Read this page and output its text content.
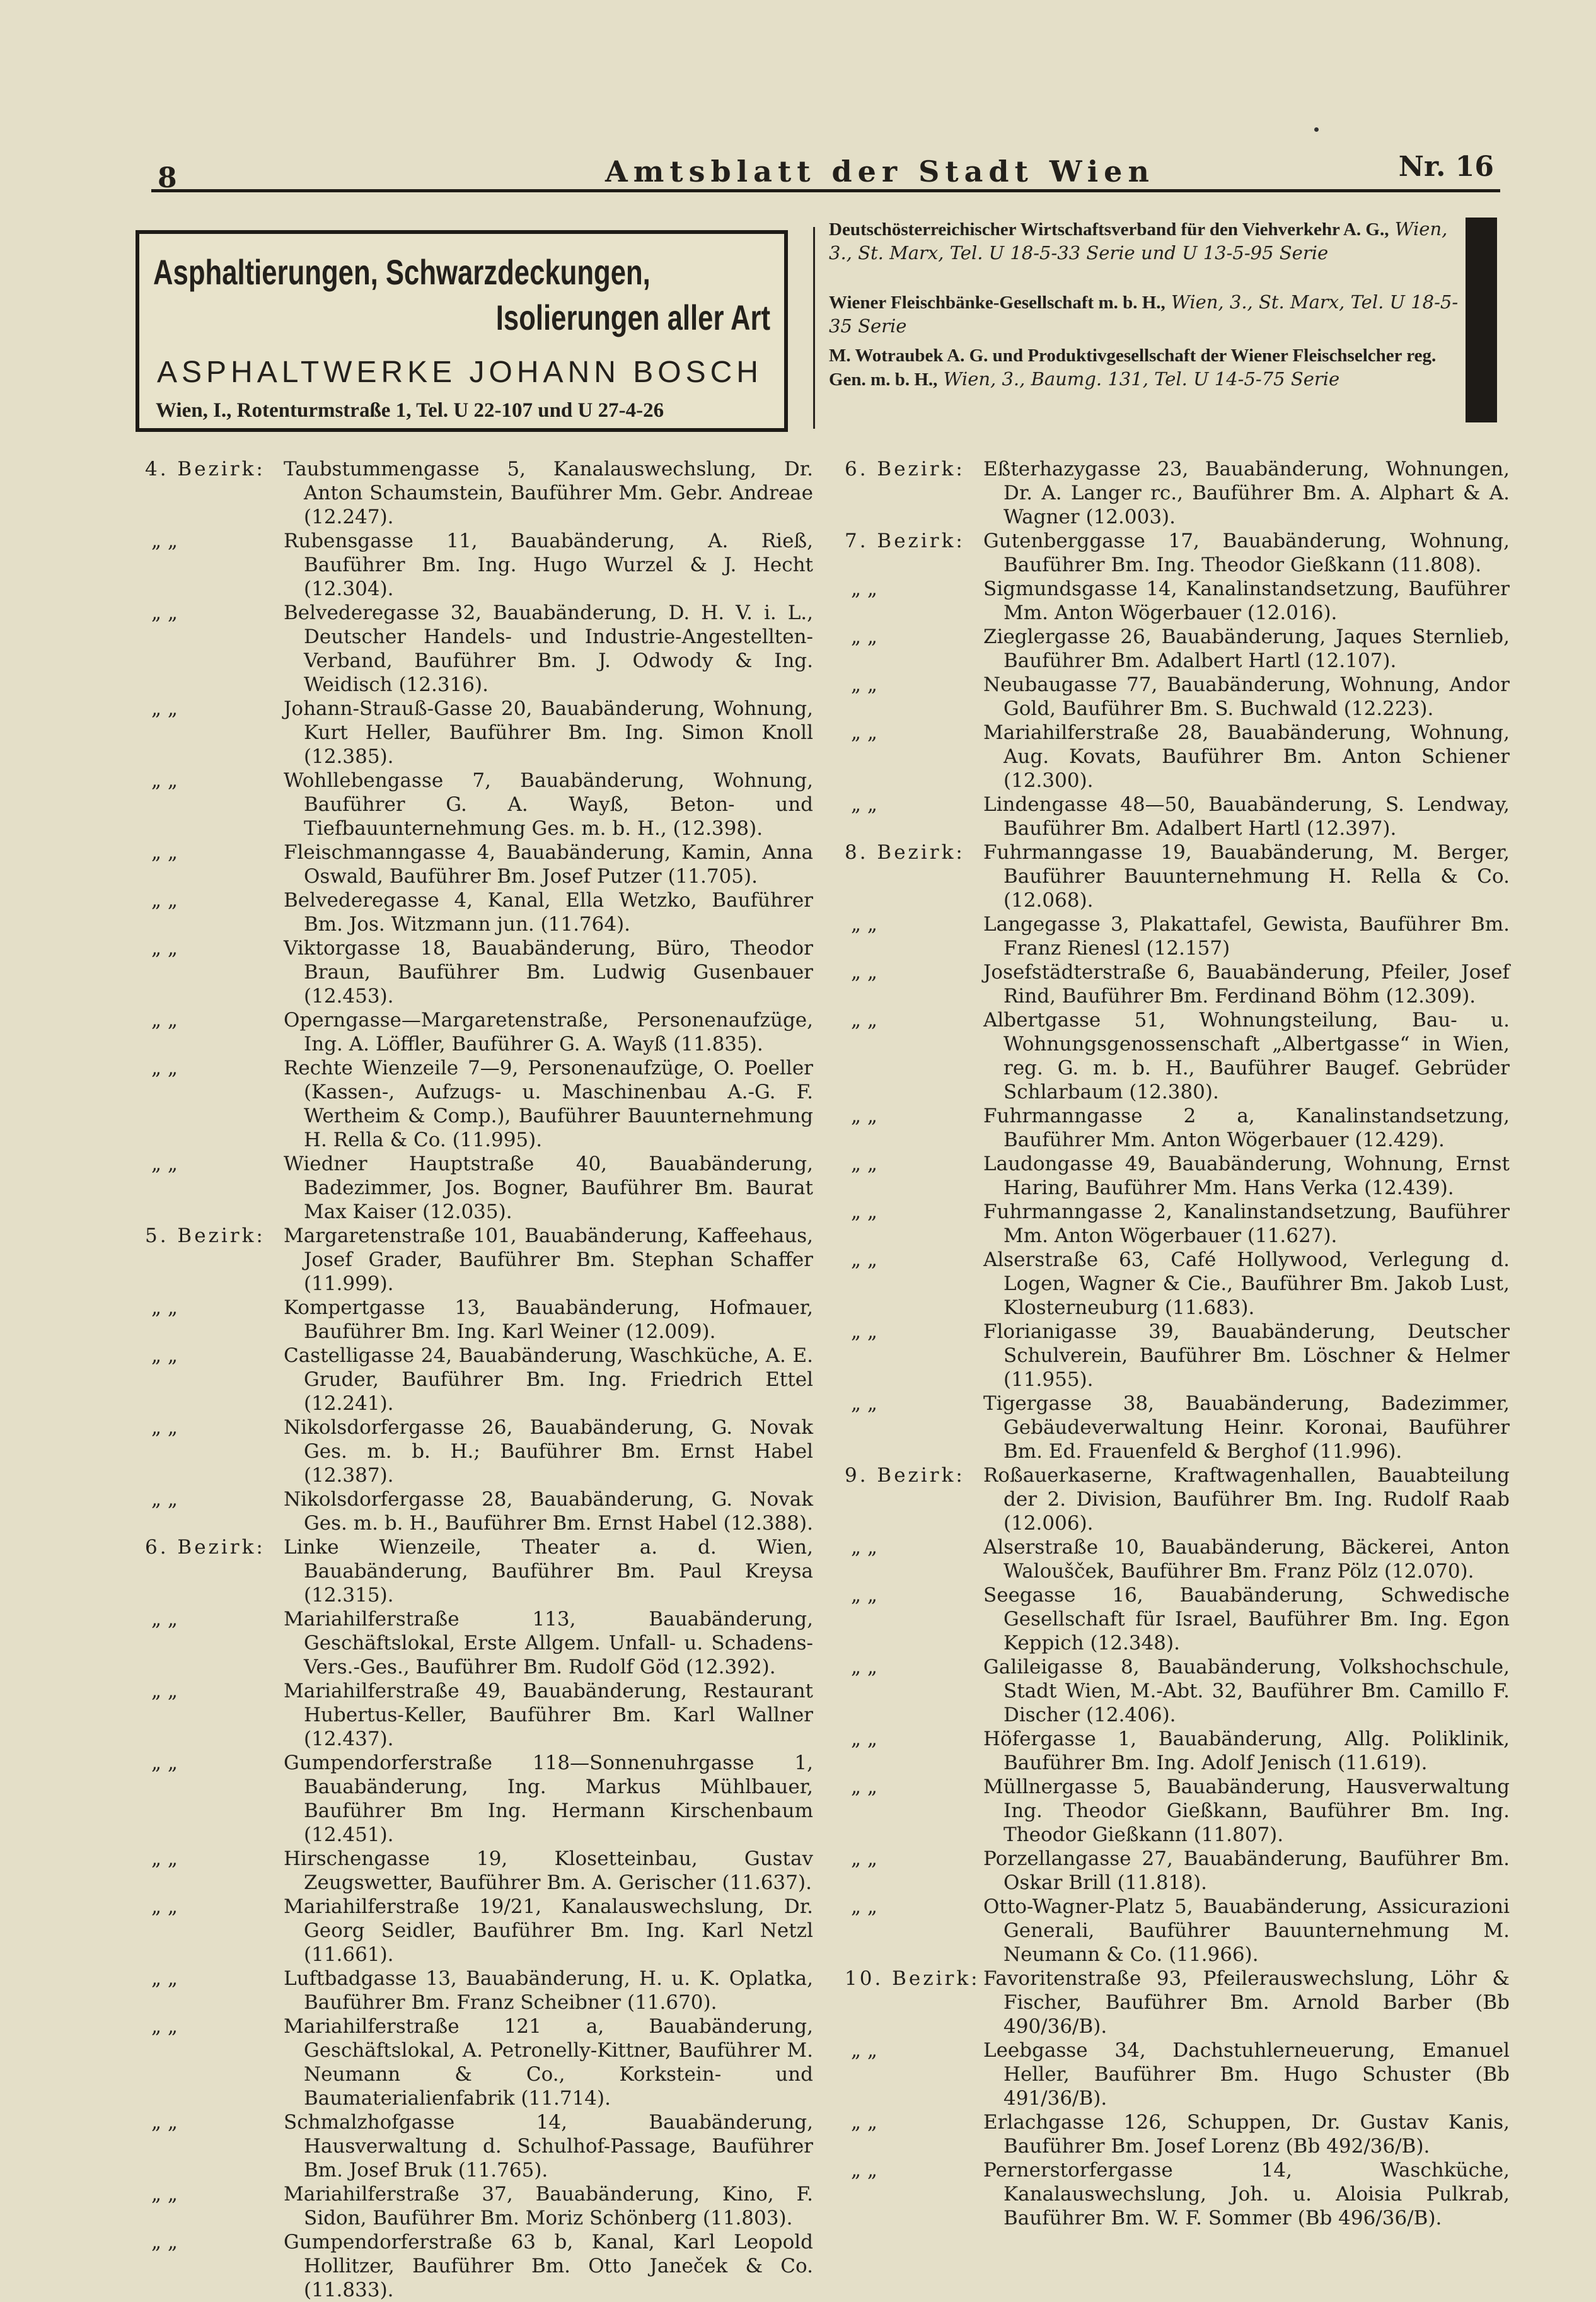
8	Amtsblatt der Stadt Wien	Nr. 16
Asphaltierungen, Schwarzdeckungen,
Isolierungen aller Art
ASPHALTWERKE JOHANN BOSCH
Wien, I., Rotenturmstraße 1, Tel. U 22-107 und U 27-4-26
Deutschösterreichischer Wirtschaftsverband für den Viehverkehr A. G., Wien, 3., St. Marx, Tel. U 18-5-33 Serie und U 13-5-95 Serie
Wiener Fleischbänke-Gesellschaft m. b. H., Wien, 3., St. Marx, Tel. U 18-5-35 Serie
M. Wotraubek A. G. und Produktivgesellschaft der Wiener Fleischselcher reg. Gen. m. b. H., Wien, 3., Baumg. 131, Tel. U 14-5-75 Serie
4. Bezirk: Taubstummengasse 5, Kanalauswechslung, Dr. Anton Schaumstein, Bauführer Mm. Gebr. Andreae (12.247).
„ „	Rubensgasse 11, Bauabänderung, A. Rieß, Bauführer Bm. Ing. Hugo Wurzel & J. Hecht (12.304).
„ „	Belvederegasse 32, Bauabänderung, D. H. V. i. L., Deutscher Handels- und Industrie-Angestellten-Verband, Bauführer Bm. J. Odwody & Ing. Weidisch (12.316).
„ „	Johann-Strauß-Gasse 20, Bauabänderung, Wohnung, Kurt Heller, Bauführer Bm. Ing. Simon Knoll (12.385).
„ „	Wohllebengasse 7, Bauabänderung, Wohnung, Bauführer G. A. Wayß, Beton- und Tiefbauunternehmung Ges. m. b. H., (12.398).
„ „	Fleischmanngasse 4, Bauabänderung, Kamin, Anna Oswald, Bauführer Bm. Josef Putzer (11.705).
„ „	Belvederegasse 4, Kanal, Ella Wetzko, Bauführer Bm. Jos. Witzmann jun. (11.764).
„ „	Viktorgasse 18, Bauabänderung, Büro, Theodor Braun, Bauführer Bm. Ludwig Gusenbauer (12.453).
„ „	Operngasse—Margaretenstraße, Personenaufzüge, Ing. A. Löffler, Bauführer G. A. Wayß (11.835).
„ „	Rechte Wienzeile 7—9, Personenaufzüge, O. Poeller (Kassen-, Aufzugs- u. Maschinenbau A.-G. F. Wertheim & Comp.), Bauführer Bauunternehmung H. Rella & Co. (11.995).
„ „	Wiedner Hauptstraße 40, Bauabänderung, Badezimmer, Jos. Bogner, Bauführer Bm. Baurat Max Kaiser (12.035).
5. Bezirk: Margaretenstraße 101, Bauabänderung, Kaffeehaus, Josef Grader, Bauführer Bm. Stephan Schaffer (11.999).
„ „	Kompertgasse 13, Bauabänderung, Hofmauer, Bauführer Bm. Ing. Karl Weiner (12.009).
„ „	Castelligasse 24, Bauabänderung, Waschküche, A. E. Gruder, Bauführer Bm. Ing. Friedrich Ettel (12.241).
„ „	Nikolsdorfergasse 26, Bauabänderung, G. Novak Ges. m. b. H.; Bauführer Bm. Ernst Habel (12.387).
„ „	Nikolsdorfergasse 28, Bauabänderung, G. Novak Ges. m. b. H., Bauführer Bm. Ernst Habel (12.388).
6. Bezirk: Linke Wienzeile, Theater a. d. Wien, Bauabänderung, Bauführer Bm. Paul Kreysa (12.315).
„ „	Mariahilferstraße 113, Bauabänderung, Geschäftslokal, Erste Allgem. Unfall- u. Schadens-Vers.-Ges., Bauführer Bm. Rudolf Göd (12.392).
„ „	Mariahilferstraße 49, Bauabänderung, Restaurant Hubertus-Keller, Bauführer Bm. Karl Wallner (12.437).
„ „	Gumpendorferstraße 118—Sonnenuhrgasse 1, Bauabänderung, Ing. Markus Mühlbauer, Bauführer Bm Ing. Hermann Kirschenbaum (12.451).
„ „	Hirschengasse 19, Klosetteinbau, Gustav Zeugswetter, Bauführer Bm. A. Gerischer (11.637).
„ „	Mariahilferstraße 19/21, Kanalauswechslung, Dr. Georg Seidler, Bauführer Bm. Ing. Karl Netzl (11.661).
„ „	Luftbadgasse 13, Bauabänderung, H. u. K. Oplatka, Bauführer Bm. Franz Scheibner (11.670).
„ „	Mariahilferstraße 121 a, Bauabänderung, Geschäftslokal, A. Petronelly-Kittner, Bauführer M. Neumann & Co., Korkstein- und Baumaterialienfabrik (11.714).
„ „	Schmalzhofgasse 14, Bauabänderung, Hausverwaltung d. Schulhof-Passage, Bauführer Bm. Josef Bruk (11.765).
„ „	Mariahilferstraße 37, Bauabänderung, Kino, F. Sidon, Bauführer Bm. Moriz Schönberg (11.803).
„ „	Gumpendorferstraße 63 b, Kanal, Karl Leopold Hollitzer, Bauführer Bm. Otto Janeček & Co. (11.833).
6. Bezirk: Eßterhazygasse 23, Bauabänderung, Wohnungen, Dr. A. Langer rc., Bauführer Bm. A. Alphart & A. Wagner (12.003).
7. Bezirk: Gutenberggasse 17, Bauabänderung, Wohnung, Bauführer Bm. Ing. Theodor Gießkann (11.808).
„ „	Sigmundsgasse 14, Kanalinstandsetzung, Bauführer Mm. Anton Wögerbauer (12.016).
„ „	Zieglergasse 26, Bauabänderung, Jaques Sternlieb, Bauführer Bm. Adalbert Hartl (12.107).
„ „	Neubaugasse 77, Bauabänderung, Wohnung, Andor Gold, Bauführer Bm. S. Buchwald (12.223).
„ „	Mariahilferstraße 28, Bauabänderung, Wohnung, Aug. Kovats, Bauführer Bm. Anton Schiener (12.300).
„ „	Lindengasse 48—50, Bauabänderung, S. Lendway, Bauführer Bm. Adalbert Hartl (12.397).
8. Bezirk: Fuhrmanngasse 19, Bauabänderung, M. Berger, Bauführer Bauunternehmung H. Rella & Co. (12.068).
„ „	Langegasse 3, Plakattafel, Gewista, Bauführer Bm. Franz Rienesl (12.157)
„ „	Josefstädterstraße 6, Bauabänderung, Pfeiler, Josef Rind, Bauführer Bm. Ferdinand Böhm (12.309).
„ „	Albertgasse 51, Wohnungsteilung, Bau- u. Wohnungsgenossenschaft „Albertgasse“ in Wien, reg. G. m. b. H., Bauführer Baugef. Gebrüder Schlarbaum (12.380).
„ „	Fuhrmanngasse 2 a, Kanalinstandsetzung, Bauführer Mm. Anton Wögerbauer (12.429).
„ „	Laudongasse 49, Bauabänderung, Wohnung, Ernst Haring, Bauführer Mm. Hans Verka (12.439).
„ „	Fuhrmanngasse 2, Kanalinstandsetzung, Bauführer Mm. Anton Wögerbauer (11.627).
„ „	Alserstraße 63, Café Hollywood, Verlegung d. Logen, Wagner & Cie., Bauführer Bm. Jakob Lust, Klosterneuburg (11.683).
„ „	Florianigasse 39, Bauabänderung, Deutscher Schulverein, Bauführer Bm. Löschner & Helmer (11.955).
„ „	Tigergasse 38, Bauabänderung, Badezimmer, Gebäudeverwaltung Heinr. Koronai, Bauführer Bm. Ed. Frauenfeld & Berghof (11.996).
9. Bezirk: Roßauerkaserne, Kraftwagenhallen, Bauabteilung der 2. Division, Bauführer Bm. Ing. Rudolf Raab (12.006).
„ „	Alserstraße 10, Bauabänderung, Bäckerei, Anton Waloušček, Bauführer Bm. Franz Pölz (12.070).
„ „	Seegasse 16, Bauabänderung, Schwedische Gesellschaft für Israel, Bauführer Bm. Ing. Egon Keppich (12.348).
„ „	Galileigasse 8, Bauabänderung, Volkshochschule, Stadt Wien, M.-Abt. 32, Bauführer Bm. Camillo F. Discher (12.406).
„ „	Höfergasse 1, Bauabänderung, Allg. Poliklinik, Bauführer Bm. Ing. Adolf Jenisch (11.619).
„ „	Müllnergasse 5, Bauabänderung, Hausverwaltung Ing. Theodor Gießkann, Bauführer Bm. Ing. Theodor Gießkann (11.807).
„ „	Porzellangasse 27, Bauabänderung, Bauführer Bm. Oskar Brill (11.818).
„ „	Otto-Wagner-Platz 5, Bauabänderung, Assicurazioni Generali, Bauführer Bauunternehmung M. Neumann & Co. (11.966).
10. Bezirk: Favoritenstraße 93, Pfeilerauswechslung, Löhr & Fischer, Bauführer Bm. Arnold Barber (Bb 490/36/B).
„ „	Leebgasse 34, Dachstuhlerneuerung, Emanuel Heller, Bauführer Bm. Hugo Schuster (Bb 491/36/B).
„ „	Erlachgasse 126, Schuppen, Dr. Gustav Kanis, Bauführer Bm. Josef Lorenz (Bb 492/36/B).
„ „	Pernerstorfergasse 14, Waschküche, Kanalauswechslung, Joh. u. Aloisia Pulkrab, Bauführer Bm. W. F. Sommer (Bb 496/36/B).
